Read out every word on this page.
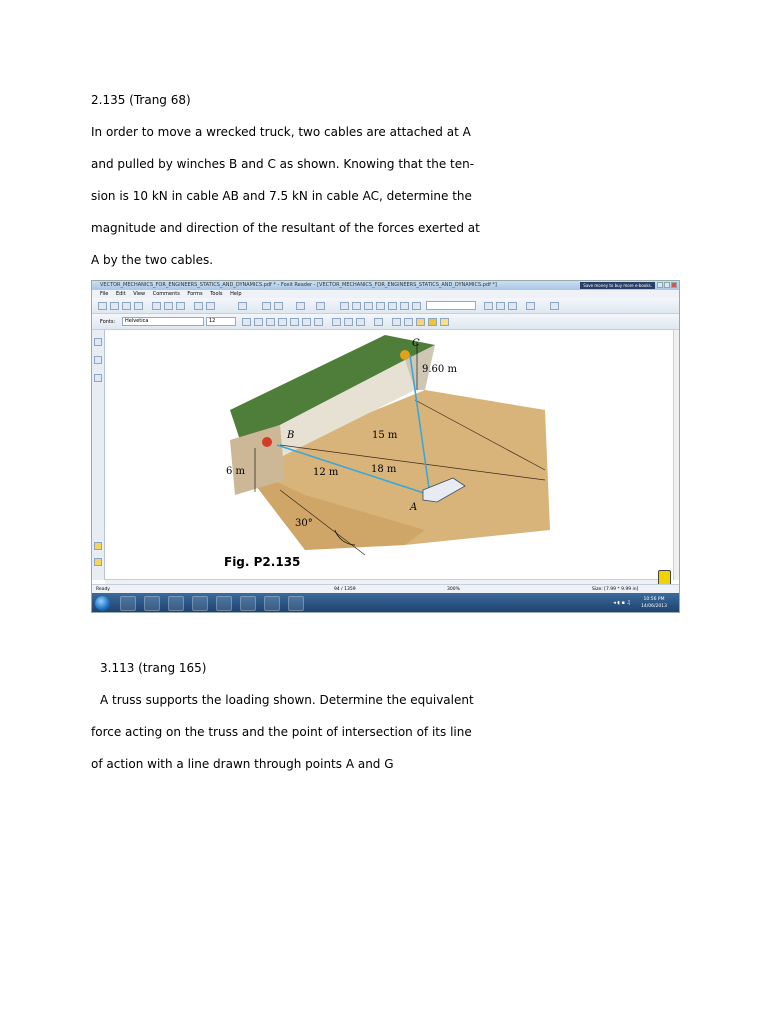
2.135 (Trang 68)
In order to move a wrecked truck, two cables are attached at A
and pulled by winches B and C as shown. Knowing that the ten-
sion is 10 kN in cable AB and 7.5 kN in cable AC, determine the
magnitude and direction of the resultant of the forces exerted at
A by the two cables.
VECTOR_MECHANICS_FOR_ENGINEERS_STATICS_AND_DYNAMICS.pdf * - Foxit Reader - [VECTOR_MECHANICS_FOR_ENGINEERS_STATICS_AND_DYNAMICS.pdf *]	Save money to buy more e-books.
File Edit View Comments Forms Tools Help
Fonts:	Helvetica	12
C
B
A
9.60 m
15 m
18 m
12 m
6 m
30°
Fig. P2.135
Ready	94 / 1359	300%	Size: [7.99 * 9.99 in]
◂ ◖ ▪ ♫
10:56 PM
14/06/2013
3.113 (trang 165)
A truss supports the loading shown. Determine the equivalent
force acting on the truss and the point of intersection of its line
of action with a line drawn through points A and G
